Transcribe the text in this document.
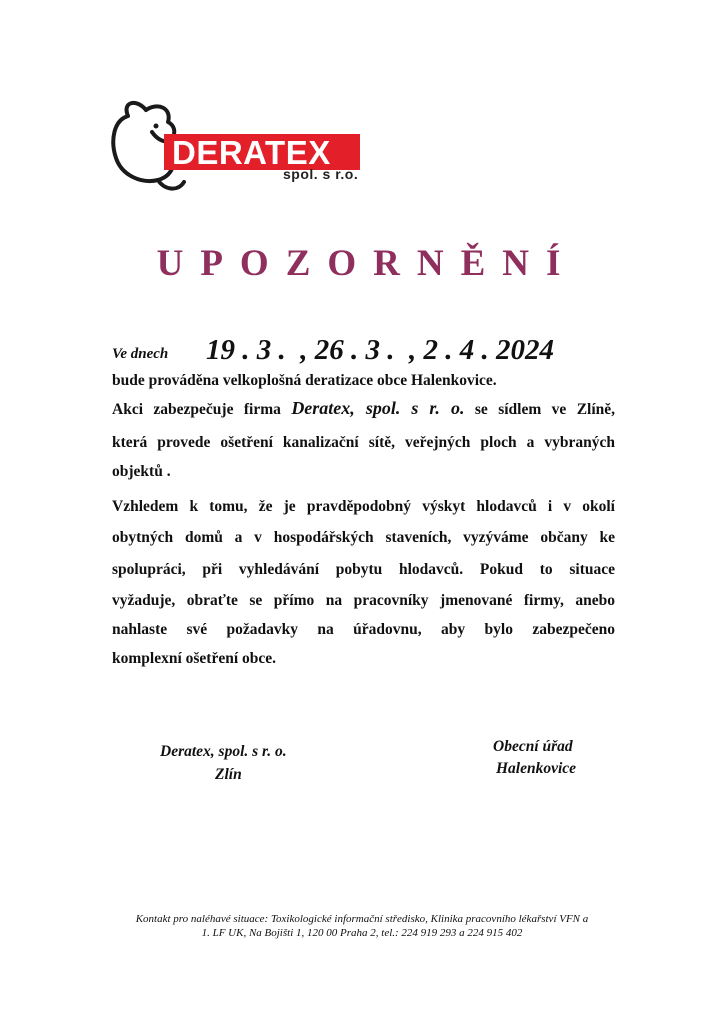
DERATEX
spol. s r.o.
UPOZORNĚNÍ
Ve dnech 19 . 3 .  , 26 . 3 .  , 2 . 4 . 2024
bude prováděna velkoplošná deratizace obce Halenkovice.
Akci zabezpečuje firma Deratex, spol. s r. o. se sídlem ve Zlíně,
která provede ošetření kanalizační sítě, veřejných ploch a vybraných
objektů .
Vzhledem k tomu, že je pravděpodobný výskyt hlodavců i v okolí
obytných domů a v hospodářských staveních, vyzýváme občany ke
spolupráci, při vyhledávání pobytu hlodavců. Pokud to situace
vyžaduje, obraťte se přímo na pracovníky jmenované firmy, anebo
nahlaste své požadavky na úřadovnu, aby bylo zabezpečeno
komplexní ošetření obce.
Deratex, spol. s r. o.
Zlín
Obecní úřad
Halenkovice
Kontakt pro naléhavé situace: Toxikologické informační středisko, Klinika pracovního lékařství VFN a
1. LF UK, Na Bojišti 1, 120 00 Praha 2, tel.: 224 919 293 a 224 915 402
